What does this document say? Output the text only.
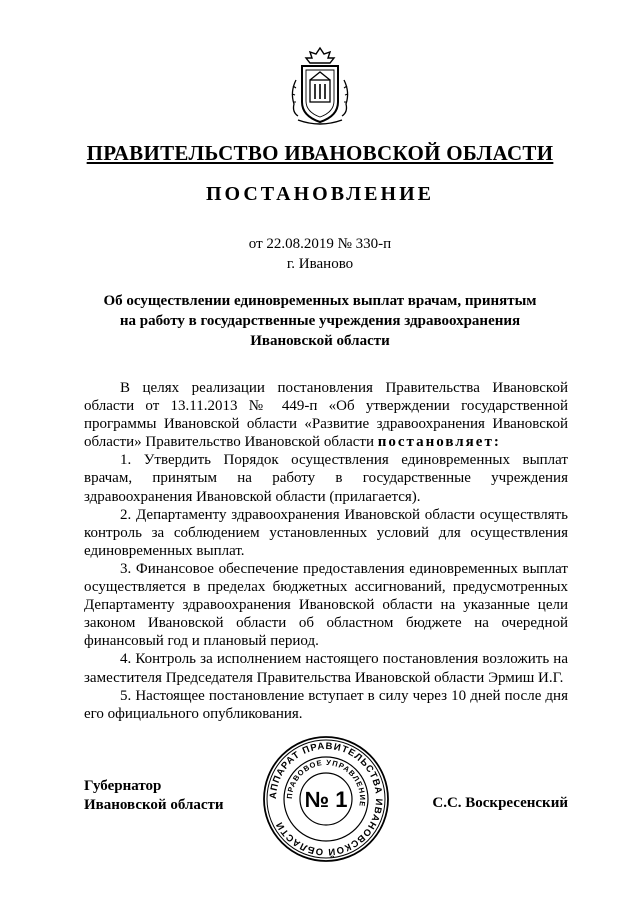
ПРАВИТЕЛЬСТВО ИВАНОВСКОЙ ОБЛАСТИ
ПОСТАНОВЛЕНИЕ
от 22.08.2019 № 330-п
г. Иваново
Об осуществлении единовременных выплат врачам, принятым
на работу в государственные учреждения здравоохранения
Ивановской области

В целях реализации постановления Правительства Ивановской области от 13.11.2013 № 449-п «Об утверждении государственной программы Ивановской области «Развитие здравоохранения Ивановской области» Правительство Ивановской области постановляет:

1. Утвердить Порядок осуществления единовременных выплат врачам, принятым на работу в государственные учреждения здравоохранения Ивановской области (прилагается).

2. Департаменту здравоохранения Ивановской области осуществлять контроль за соблюдением установленных условий для осуществления единовременных выплат.

3. Финансовое обеспечение предоставления единовременных выплат осуществляется в пределах бюджетных ассигнований, предусмотренных Департаменту здравоохранения Ивановской области на указанные цели законом Ивановской области об областном бюджете на очередной финансовый год и плановый период.

4. Контроль за исполнением настоящего постановления возложить на заместителя Председателя Правительства Ивановской области Эрмиш И.Г.

5. Настоящее постановление вступает в силу через 10 дней после дня его официального опубликования.

Губернатор
Ивановской области
АППАРАТ ПРАВИТЕЛЬСТВА ИВАНОВСКОЙ ОБЛАСТИ
ПРАВОВОЕ УПРАВЛЕНИЕ
№ 1	С.С. Воскресенский
